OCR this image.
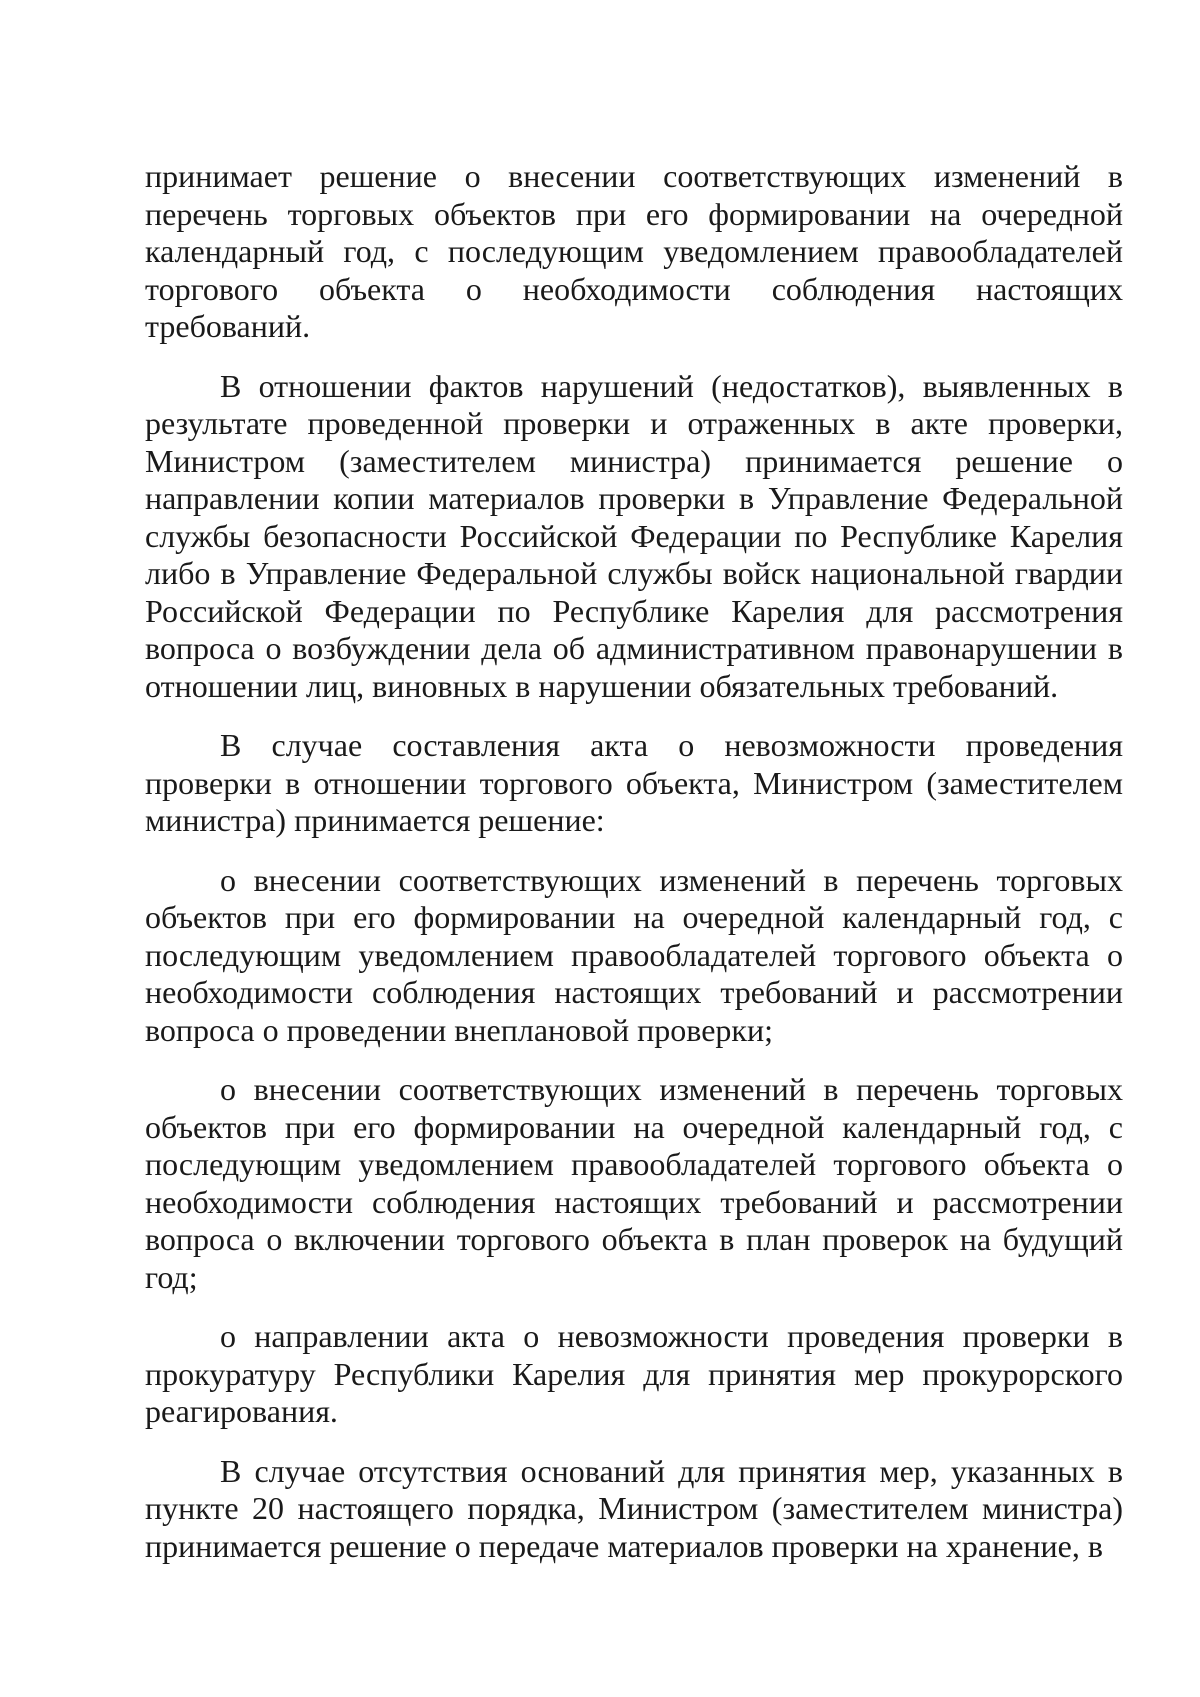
принимает решение о внесении соответствующих изменений в перечень торговых объектов при его формировании на очередной календарный год, с последующим уведомлением правообладателей торгового объекта о необходимости соблюдения настоящих требований.

В отношении фактов нарушений (недостатков), выявленных в результате проведенной проверки и отраженных в акте проверки, Министром (заместителем министра) принимается решение о направлении копии материалов проверки в Управление Федеральной службы безопасности Российской Федерации по Республике Карелия либо в Управление Федеральной службы войск национальной гвардии Российской Федерации по Республике Карелия для рассмотрения вопроса о возбуждении дела об административном правонарушении в отношении лиц, виновных в нарушении обязательных требований.

В случае составления акта о невозможности проведения проверки в отношении торгового объекта, Министром (заместителем министра) принимается решение:

о внесении соответствующих изменений в перечень торговых объектов при его формировании на очередной календарный год, с последующим уведомлением правообладателей торгового объекта о необходимости соблюдения настоящих требований и рассмотрении вопроса о проведении внеплановой проверки;

о внесении соответствующих изменений в перечень торговых объектов при его формировании на очередной календарный год, с последующим уведомлением правообладателей торгового объекта о необходимости соблюдения настоящих требований и рассмотрении вопроса о включении торгового объекта в план проверок на будущий год;

о направлении акта о невозможности проведения проверки в прокуратуру Республики Карелия для принятия мер прокурорского реагирования.

В случае отсутствия оснований для принятия мер, указанных в пункте 20 настоящего порядка, Министром (заместителем министра) принимается решение о передаче материалов проверки на хранение, в
